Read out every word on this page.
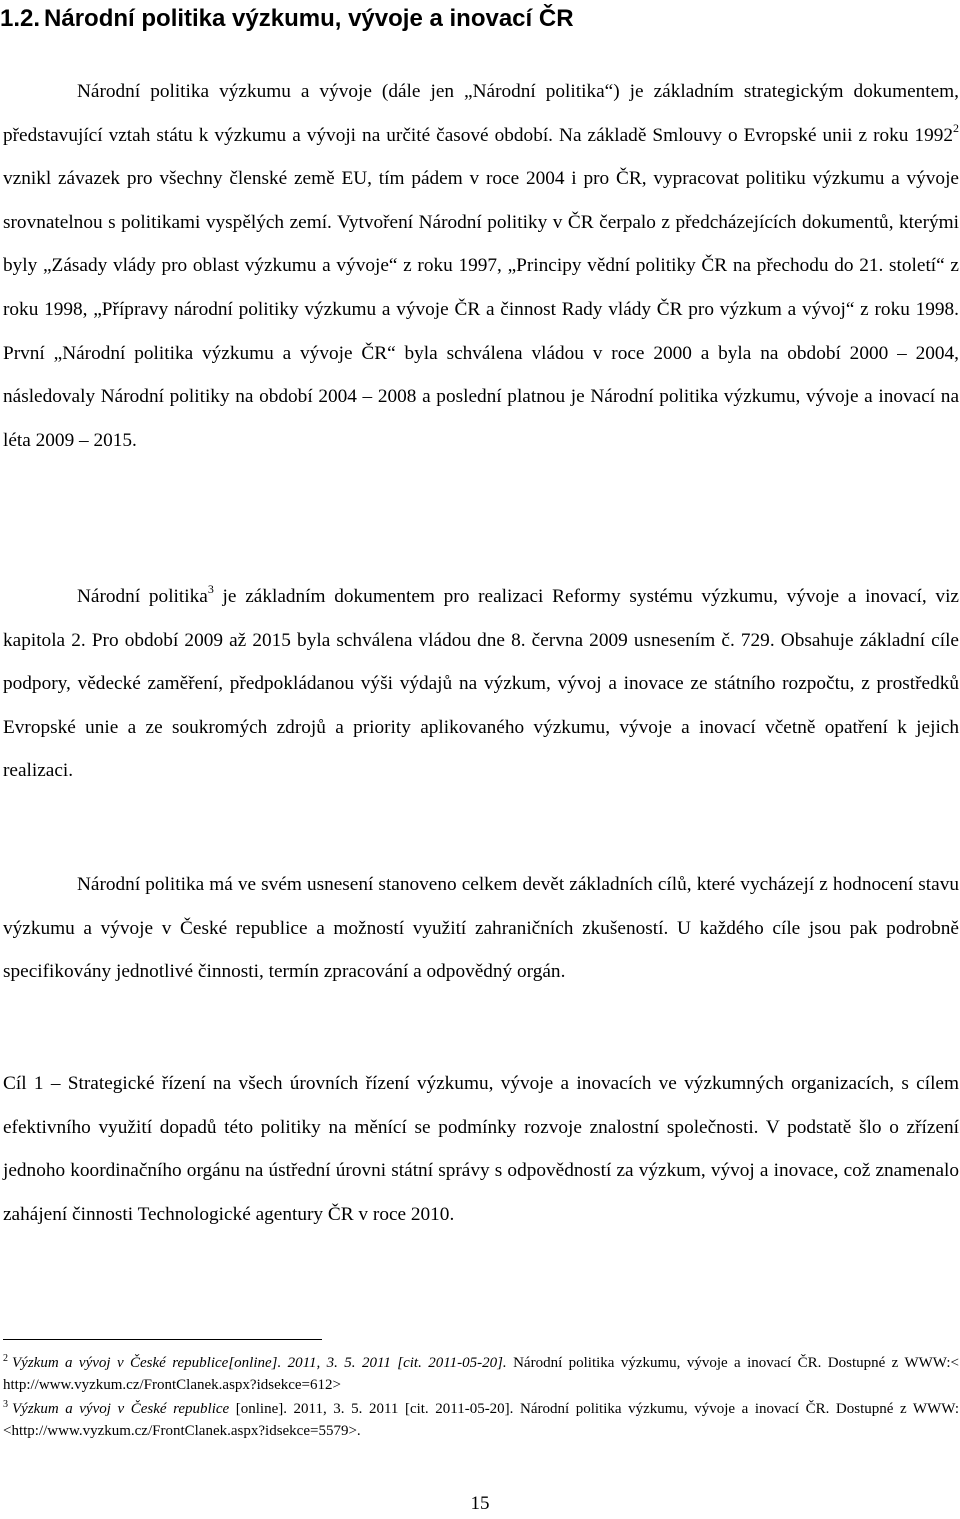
1.2. Národní politika výzkumu, vývoje a inovací ČR

Národní politika výzkumu a vývoje (dále jen „Národní politika“) je základním strategickým dokumentem, představující vztah státu k výzkumu a vývoji na určité časové období. Na základě Smlouvy o Evropské unii z roku 1992$^2$ vznikl závazek pro všechny členské země EU, tím pádem v roce 2004 i pro ČR, vypracovat politiku výzkumu a vývoje srovnatelnou s politikami vyspělých zemí. Vytvoření Národní politiky v ČR čerpalo z předcházejících dokumentů, kterými byly „Zásady vlády pro oblast výzkumu a vývoje“ z roku 1997, „Principy vědní politiky ČR na přechodu do 21. století“ z roku 1998, „Přípravy národní politiky výzkumu a vývoje ČR a činnost Rady vlády ČR pro výzkum a vývoj“ z roku 1998. První „Národní politika výzkumu a vývoje ČR“ byla schválena vládou v roce 2000 a byla na období 2000 – 2004, následovaly Národní politiky na období 2004 – 2008 a poslední platnou je Národní politika výzkumu, vývoje a inovací na léta 2009 – 2015.

Národní politika$^3$ je základním dokumentem pro realizaci Reformy systému výzkumu, vývoje a inovací, viz kapitola 2. Pro období 2009 až 2015 byla schválena vládou dne 8. června 2009 usnesením č. 729. Obsahuje základní cíle podpory, vědecké zaměření, předpokládanou výši výdajů na výzkum, vývoj a inovace ze státního rozpočtu, z prostředků Evropské unie a ze soukromých zdrojů a priority aplikovaného výzkumu, vývoje a inovací včetně opatření k jejich realizaci.

Národní politika má ve svém usnesení stanoveno celkem devět základních cílů, které vycházejí z hodnocení stavu výzkumu a vývoje v České republice a možností využití zahraničních zkušeností. U každého cíle jsou pak podrobně specifikovány jednotlivé činnosti, termín zpracování a odpovědný orgán.

Cíl 1 – Strategické řízení na všech úrovních řízení výzkumu, vývoje a inovacích ve výzkumných organizacích, s cílem efektivního využití dopadů této politiky na měnící se podmínky rozvoje znalostní společnosti. V podstatě šlo o zřízení jednoho koordinačního orgánu na ústřední úrovni státní správy s odpovědností za výzkum, vývoj a inovace, což znamenalo zahájení činnosti Technologické agentury ČR v roce 2010.

$^2$ Výzkum a vývoj v České republice[online]. 2011, 3. 5. 2011 [cit. 2011-05-20]. Národní politika výzkumu, vývoje a inovací ČR. Dostupné z WWW:< http://www.vyzkum.cz/FrontClanek.aspx?idsekce=612>

$^3$ Výzkum a vývoj v České republice [online]. 2011, 3. 5. 2011 [cit. 2011-05-20]. Národní politika výzkumu, vývoje a inovací ČR. Dostupné z WWW: <http://www.vyzkum.cz/FrontClanek.aspx?idsekce=5579>.

15
